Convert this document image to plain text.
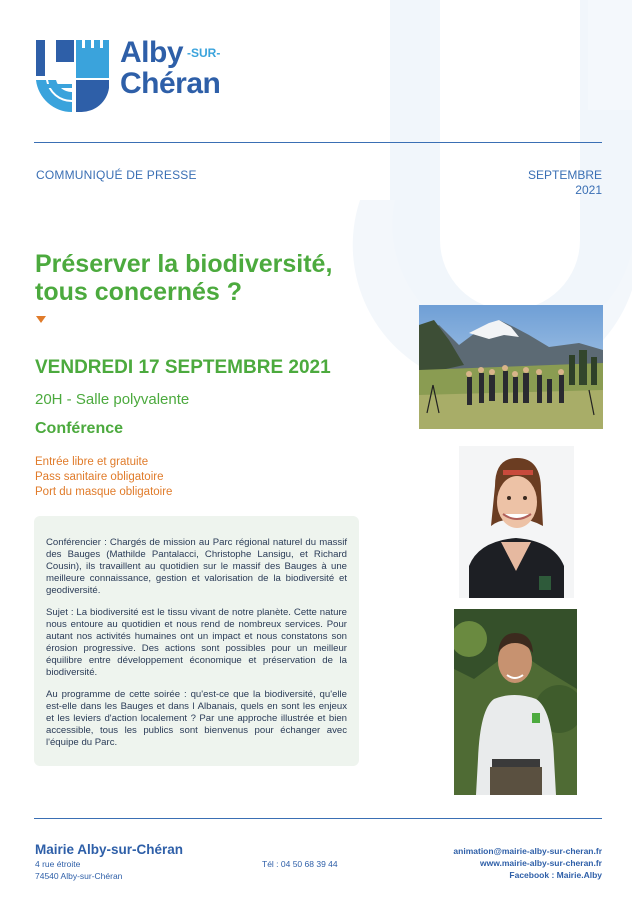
Alby -SUR-
Chéran
COMMUNIQUÉ DE PRESSE	SEPTEMBRE
2021
Préserver la biodiversité,
tous concernés ?
VENDREDI 17 SEPTEMBRE 2021
20H - Salle polyvalente
Conférence
Entrée libre et gratuite
Pass sanitaire obligatoire
Port du masque obligatoire

Conférencier : Chargés de mission au Parc régional naturel du massif des Bauges (Mathilde Pantalacci, Christophe Lansigu, et Richard Cousin), ils travaillent au quotidien sur le massif des Bauges à une meilleure connaissance, gestion et valorisation de la biodiversité et geodiversité.

Sujet : La biodiversité est le tissu vivant de notre planète. Cette nature nous entoure au quotidien et nous rend de nombreux services. Pour autant nos activités humaines ont un impact et nous constatons son érosion progressive. Des actions sont possibles pour un meilleur équilibre entre développement économique et préservation de la biodiversité.

Au programme de cette soirée : qu'est-ce que la biodiversité, qu'elle est-elle dans les Bauges et dans l Albanais, quels en sont les enjeux et les leviers d'action localement ? Par une approche illustrée et bien accessible, tous les publics sont bienvenus pour échanger avec l'équipe du Parc.

Mairie Alby-sur-Chéran
4 rue étroite
74540 Alby-sur-Chéran
Tél : 04 50 68 39 44
animation@mairie-alby-sur-cheran.fr
www.mairie-alby-sur-cheran.fr
Facebook : Mairie.Alby
